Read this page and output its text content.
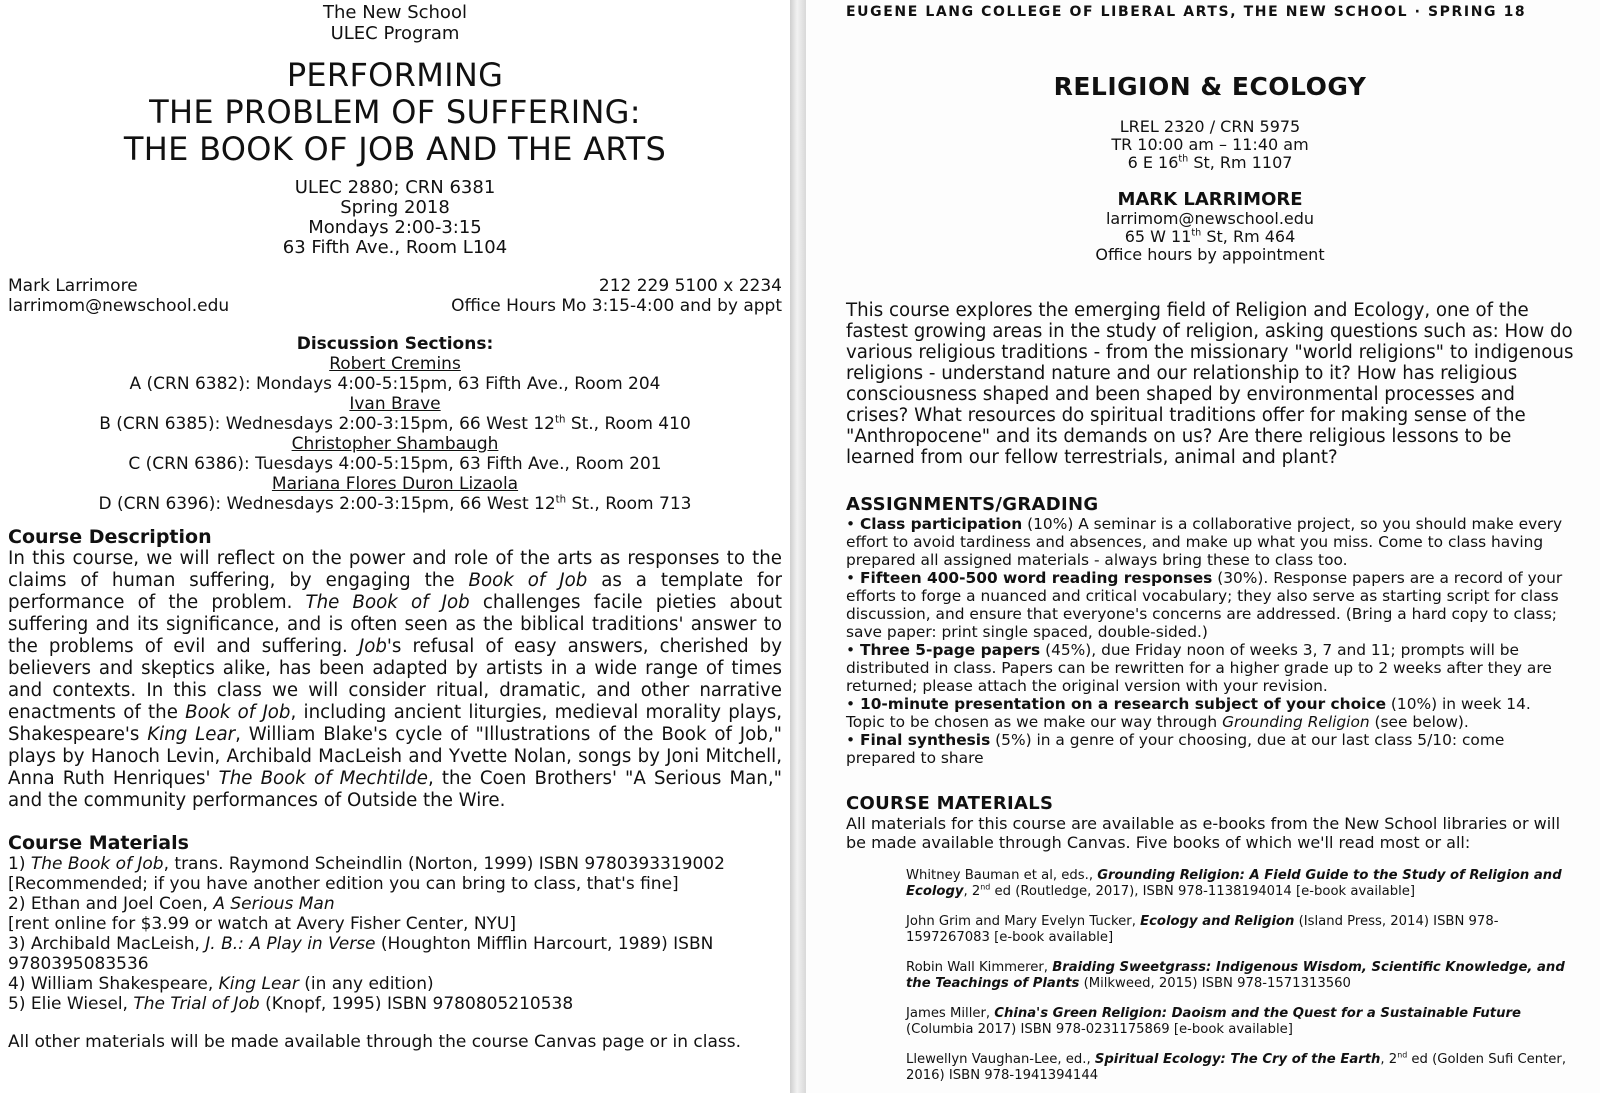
The New School
ULEC Program
PERFORMING
THE PROBLEM OF SUFFERING:
THE BOOK OF JOB AND THE ARTS
ULEC 2880; CRN 6381
Spring 2018
Mondays 2:00-3:15
63 Fifth Ave., Room L104
Mark Larrimore
larrimom@newschool.edu
212 229 5100 x 2234
Office Hours Mo 3:15-4:00 and by appt
Discussion Sections:
Robert Cremins
A (CRN 6382): Mondays 4:00-5:15pm, 63 Fifth Ave., Room 204
Ivan Brave
B (CRN 6385): Wednesdays 2:00-3:15pm, 66 West 12th St., Room 410
Christopher Shambaugh
C (CRN 6386): Tuesdays 4:00-5:15pm, 63 Fifth Ave., Room 201
Mariana Flores Duron Lizaola
D (CRN 6396): Wednesdays 2:00-3:15pm, 66 West 12th St., Room 713
Course Description

In this course, we will reflect on the power and role of the arts as responses to the claims of human suffering, by engaging the Book of Job as a template for performance of the problem. The Book of Job challenges facile pieties about suffering and its significance, and is often seen as the biblical traditions' answer to the problems of evil and suffering. Job's refusal of easy answers, cherished by believers and skeptics alike, has been adapted by artists in a wide range of times and contexts. In this class we will consider ritual, dramatic, and other narrative enactments of the Book of Job, including ancient liturgies, medieval morality plays, Shakespeare's King Lear, William Blake's cycle of "Illustrations of the Book of Job," plays by Hanoch Levin, Archibald MacLeish and Yvette Nolan, songs by Joni Mitchell, Anna Ruth Henriques' The Book of Mechtilde, the Coen Brothers' "A Serious Man," and the community performances of Outside the Wire.

Course Materials
1) The Book of Job, trans. Raymond Scheindlin (Norton, 1999) ISBN 9780393319002
[Recommended; if you have another edition you can bring to class, that's fine]
2) Ethan and Joel Coen, A Serious Man
[rent online for $3.99 or watch at Avery Fisher Center, NYU]
3) Archibald MacLeish, J. B.: A Play in Verse (Houghton Mifflin Harcourt, 1989) ISBN 9780395083536
4) William Shakespeare, King Lear (in any edition)
5) Elie Wiesel, The Trial of Job (Knopf, 1995) ISBN 9780805210538
All other materials will be made available through the course Canvas page or in class.
EUGENE LANG COLLEGE OF LIBERAL ARTS, THE NEW SCHOOL · SPRING 18
RELIGION & ECOLOGY
LREL 2320 / CRN 5975
TR 10:00 am – 11:40 am
6 E 16th St, Rm 1107
MARK LARRIMORE
larrimom@newschool.edu
65 W 11th St, Rm 464
Office hours by appointment

This course explores the emerging field of Religion and Ecology, one of the fastest growing areas in the study of religion, asking questions such as: How do various religious traditions - from the missionary "world religions" to indigenous religions - understand nature and our relationship to it? How has religious consciousness shaped and been shaped by environmental processes and crises? What resources do spiritual traditions offer for making sense of the "Anthropocene" and its demands on us? Are there religious lessons to be learned from our fellow terrestrials, animal and plant?

ASSIGNMENTS/GRADING
• Class participation (10%) A seminar is a collaborative project, so you should make every effort to avoid tardiness and absences, and make up what you miss. Come to class having prepared all assigned materials - always bring these to class too.
• Fifteen 400-500 word reading responses (30%). Response papers are a record of your efforts to forge a nuanced and critical vocabulary; they also serve as starting script for class discussion, and ensure that everyone's concerns are addressed. (Bring a hard copy to class; save paper: print single spaced, double-sided.)
• Three 5-page papers (45%), due Friday noon of weeks 3, 7 and 11; prompts will be distributed in class. Papers can be rewritten for a higher grade up to 2 weeks after they are returned; please attach the original version with your revision.
• 10-minute presentation on a research subject of your choice (10%) in week 14. Topic to be chosen as we make our way through Grounding Religion (see below).
• Final synthesis (5%) in a genre of your choosing, due at our last class 5/10: come prepared to share
COURSE MATERIALS
All materials for this course are available as e-books from the New School libraries or will be made available through Canvas. Five books of which we'll read most or all:
Whitney Bauman et al, eds., Grounding Religion: A Field Guide to the Study of Religion and Ecology, 2nd ed (Routledge, 2017), ISBN 978-1138194014 [e-book available]
John Grim and Mary Evelyn Tucker, Ecology and Religion (Island Press, 2014) ISBN 978-1597267083 [e-book available]
Robin Wall Kimmerer, Braiding Sweetgrass: Indigenous Wisdom, Scientific Knowledge, and the Teachings of Plants (Milkweed, 2015) ISBN 978-1571313560
James Miller, China's Green Religion: Daoism and the Quest for a Sustainable Future (Columbia 2017) ISBN 978-0231175869 [e-book available]
Llewellyn Vaughan-Lee, ed., Spiritual Ecology: The Cry of the Earth, 2nd ed (Golden Sufi Center, 2016) ISBN 978-1941394144
